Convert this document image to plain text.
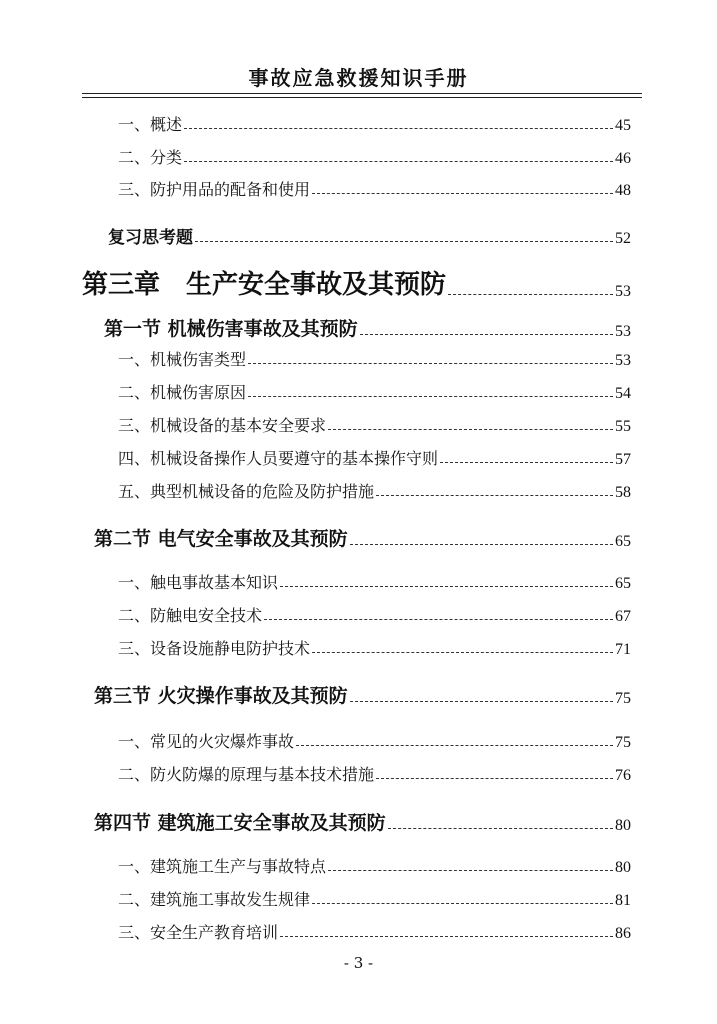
事故应急救援知识手册
一、概述	45
二、分类	46
三、防护用品的配备和使用	48
复习思考题	52
第三章　生产安全事故及其预防	53
第一节 机械伤害事故及其预防	53
一、机械伤害类型	53
二、机械伤害原因	54
三、机械设备的基本安全要求	55
四、机械设备操作人员要遵守的基本操作守则	57
五、典型机械设备的危险及防护措施	58
第二节 电气安全事故及其预防	65
一、触电事故基本知识	65
二、防触电安全技术	67
三、设备设施静电防护技术	71
第三节 火灾操作事故及其预防	75
一、常见的火灾爆炸事故	75
二、防火防爆的原理与基本技术措施	76
第四节 建筑施工安全事故及其预防	80
一、建筑施工生产与事故特点	80
二、建筑施工事故发生规律	81
三、安全生产教育培训	86
- 3 -
